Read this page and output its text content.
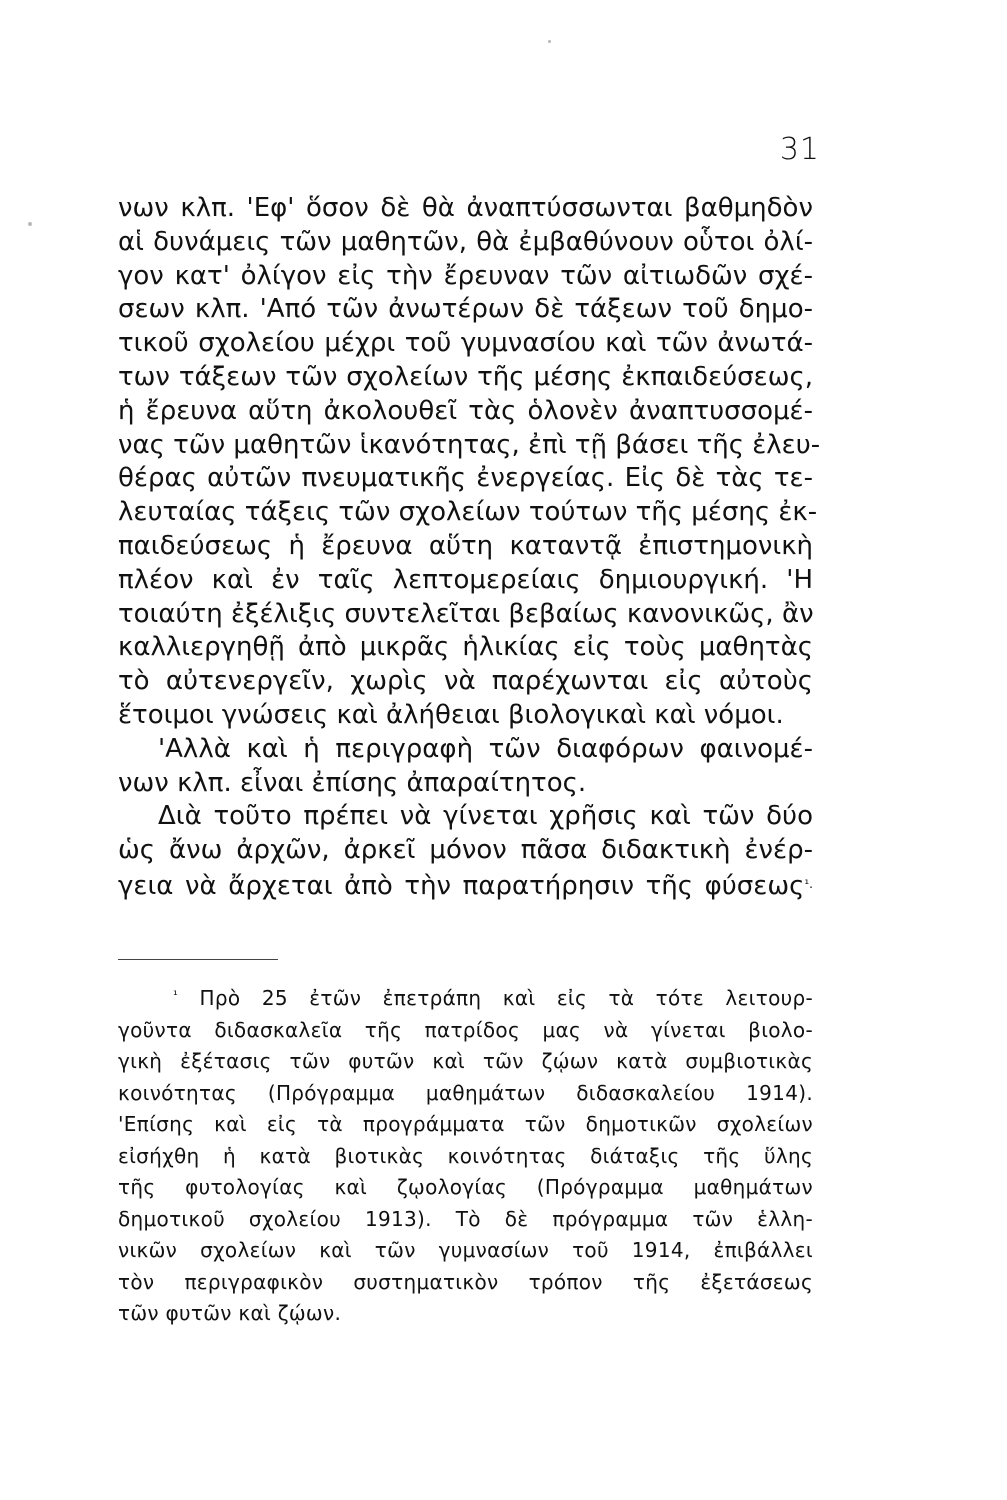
31
νων κλπ. 'Εφ' ὅσον δὲ θὰ ἀναπτύσσωνται βαθμηδὸν
αἱ δυνάμεις τῶν μαθητῶν, θὰ ἐμβαθύνουν οὗτοι ὀλί-
γον κατ' ὀλίγον εἰς τὴν ἔρευναν τῶν αἰτιωδῶν σχέ-
σεων κλπ. 'Από τῶν ἀνωτέρων δὲ τάξεων τοῦ δημο-
τικοῦ σχολείου μέχρι τοῦ γυμνασίου καὶ τῶν ἀνωτά-
των τάξεων τῶν σχολείων τῆς μέσης ἐκπαιδεύσεως,
ἡ ἔρευνα αὕτη ἀκολουθεῖ τὰς ὁλονὲν ἀναπτυσσομέ-
νας τῶν μαθητῶν ἱκανότητας, ἐπὶ τῇ βάσει τῆς ἐλευ-
θέρας αὐτῶν πνευματικῆς ἐνεργείας. Εἰς δὲ τὰς τε-
λευταίας τάξεις τῶν σχολείων τούτων τῆς μέσης ἐκ-
παιδεύσεως ἡ ἔρευνα αὕτη καταντᾷ ἐπιστημονικὴ
πλέον καὶ ἐν ταῖς λεπτομερείαις δημιουργική. 'Η
τοιαύτη ἐξέλιξις συντελεῖται βεβαίως κανονικῶς, ἂν
καλλιεργηθῇ ἀπὸ μικρᾶς ἡλικίας εἰς τοὺς μαθητὰς
τὸ αὐτενεργεῖν, χωρὶς νὰ παρέχωνται εἰς αὐτοὺς
ἕτοιμοι γνώσεις καὶ ἀλήθειαι βιολογικαὶ καὶ νόμοι.
'Αλλὰ καὶ ἡ περιγραφὴ τῶν διαφόρων φαινομέ-
νων κλπ. εἶναι ἐπίσης ἀπαραίτητος.
Διὰ τοῦτο πρέπει νὰ γίνεται χρῆσις καὶ τῶν δύο
ὡς ἄνω ἀρχῶν, ἀρκεῖ μόνον πᾶσα διδακτικὴ ἐνέρ-
γεια νὰ ἄρχεται ἀπὸ τὴν παρατήρησιν τῆς φύσεως$^{^1.}$
$^{^1}$ Πρὸ 25 ἐτῶν ἐπετράπη καὶ εἰς τὰ τότε λειτουρ-
γοῦντα διδασκαλεῖα τῆς πατρίδος μας νὰ γίνεται βιολο-
γικὴ ἐξέτασις τῶν φυτῶν καὶ τῶν ζῴων κατὰ συμβιοτικὰς
κοινότητας (Πρόγραμμα μαθημάτων διδασκαλείου 1914).
'Επίσης καὶ εἰς τὰ προγράμματα τῶν δημοτικῶν σχολείων
εἰσήχθη ἡ κατὰ βιοτικὰς κοινότητας διάταξις τῆς ὕλης
τῆς φυτολογίας καὶ ζῳολογίας (Πρόγραμμα μαθημάτων
δημοτικοῦ σχολείου 1913). Τὸ δὲ πρόγραμμα τῶν ἑλλη-
νικῶν σχολείων καὶ τῶν γυμνασίων τοῦ 1914, ἐπιβάλλει
τὸν περιγραφικὸν συστηματικὸν τρόπον τῆς ἐξετάσεως
τῶν φυτῶν καὶ ζῴων.
